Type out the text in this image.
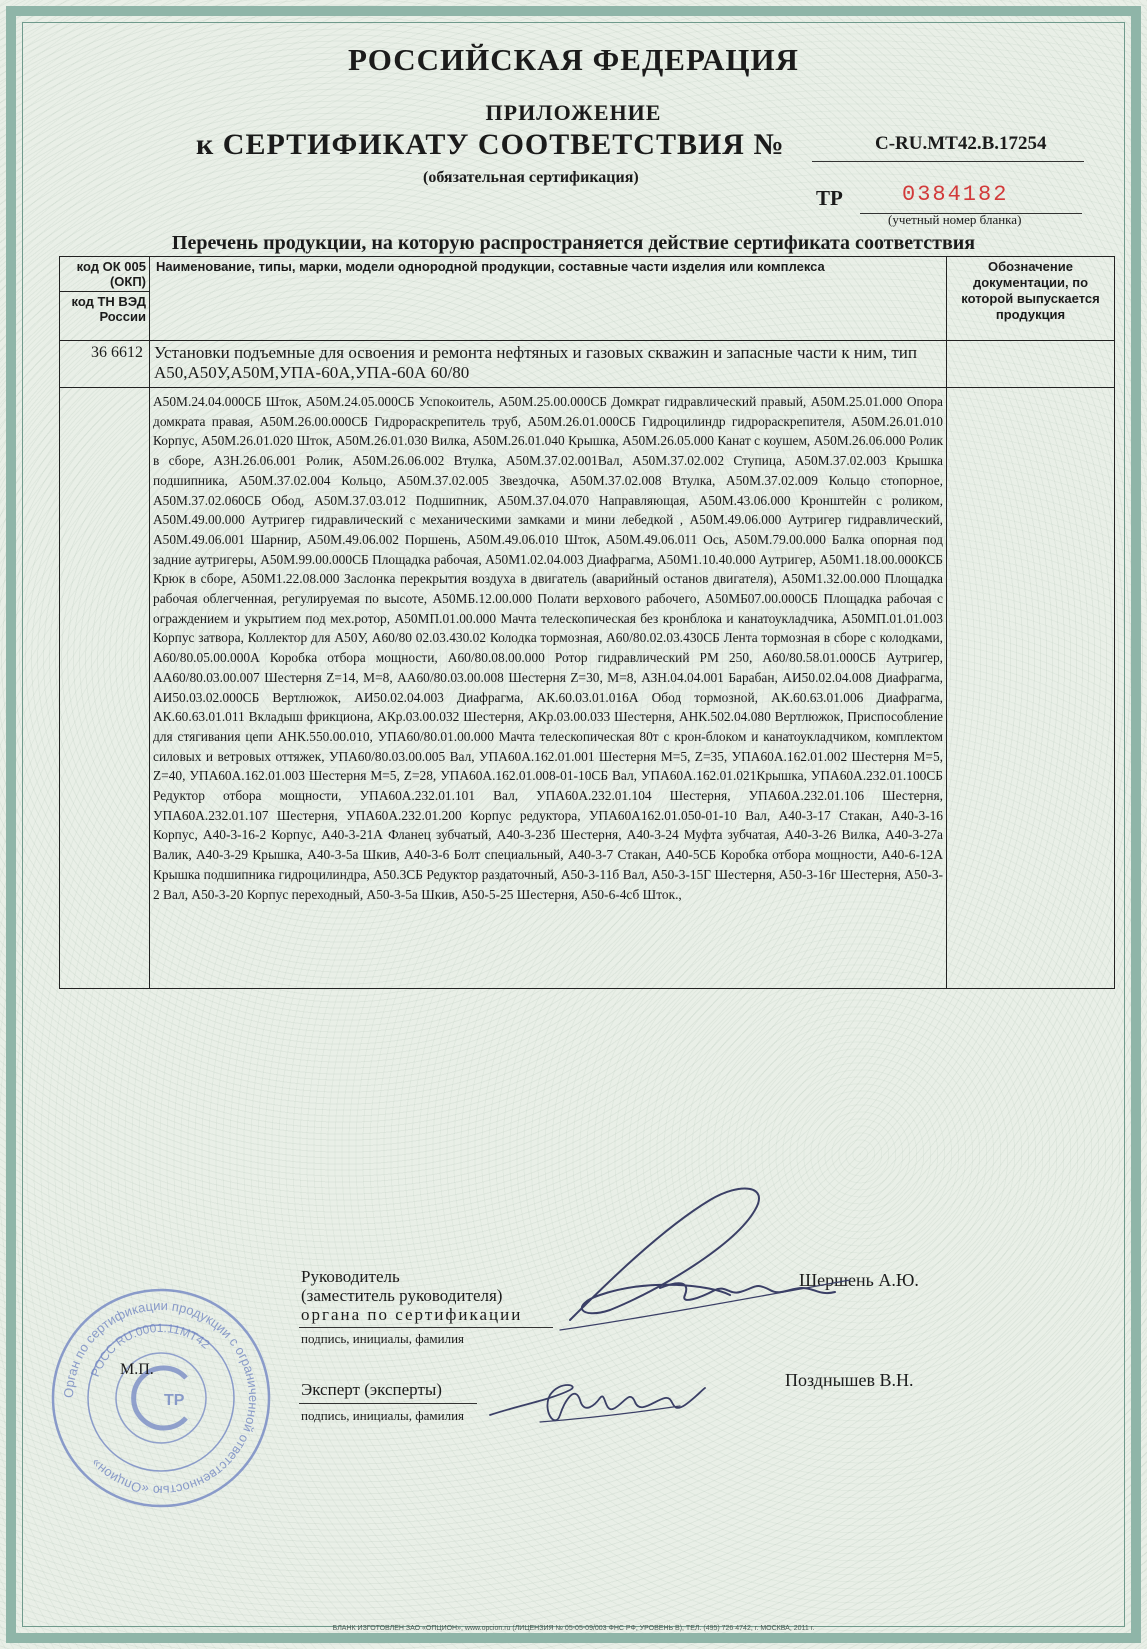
РОССИЙСКАЯ ФЕДЕРАЦИЯ
ПРИЛОЖЕНИЕ
к СЕРТИФИКАТУ СООТВЕТСТВИЯ №	C-RU.МТ42.В.17254
(обязательная сертификация)
ТР	0384182
(учетный номер бланка)
Перечень продукции, на которую распространяется действие сертификата соответствия
код ОК 005 (ОКП)	Наименование, типы, марки, модели однородной продукции, составные части изделия или комплекса	Обозначение документации, по которой выпускается продукция
код ТН ВЭД России		
36 6612	Установки подъемные для освоения и ремонта нефтяных и газовых скважин и запасные части к ним, тип А50,А50У,А50М,УПА-60А,УПА-60А 60/80	
	А50М.24.04.000СБ Шток, А50М.24.05.000СБ Успокоитель, А50М.25.00.000СБ Домкрат гидравлический правый, А50М.25.01.000 Опора домкрата правая, А50М.26.00.000СБ Гидрораскрепитель труб, А50М.26.01.000СБ Гидроцилиндр гидрораскрепителя, А50М.26.01.010 Корпус, А50М.26.01.020 Шток, А50М.26.01.030 Вилка, А50М.26.01.040 Крышка, А50М.26.05.000 Канат с коушем, А50М.26.06.000 Ролик в сборе, А3Н.26.06.001 Ролик, А50М.26.06.002 Втулка, А50М.37.02.001Вал, А50М.37.02.002 Ступица, А50М.37.02.003 Крышка подшипника, А50М.37.02.004 Кольцо, А50М.37.02.005 Звездочка, А50М.37.02.008 Втулка, А50М.37.02.009 Кольцо стопорное, А50М.37.02.060СБ Обод, А50М.37.03.012 Подшипник, А50М.37.04.070 Направляющая, А50М.43.06.000 Кронштейн с роликом, А50М.49.00.000 Аутригер гидравлический с механическими замками и мини лебедкой , А50М.49.06.000 Аутригер гидравлический, А50М.49.06.001 Шарнир, А50М.49.06.002 Поршень, А50М.49.06.010 Шток, А50М.49.06.011 Ось, А50М.79.00.000 Балка опорная под задние аутригеры, А50М.99.00.000СБ Площадка рабочая, А50М1.02.04.003 Диафрагма, А50М1.10.40.000 Аутригер, А50М1.18.00.000КСБ Крюк в сборе, А50М1.22.08.000 Заслонка перекрытия воздуха в двигатель (аварийный останов двигателя), А50М1.32.00.000 Площадка рабочая облегченная, регулируемая по высоте, А50МБ.12.00.000 Полати верхового рабочего, А50МБ07.00.000СБ Площадка рабочая с ограждением и укрытием под мех.ротор, А50МП.01.00.000 Мачта телескопическая без кронблока и канатоукладчика, А50МП.01.01.003 Корпус затвора, Коллектор для А50У, А60/80 02.03.430.02 Колодка тормозная, А60/80.02.03.430СБ Лента тормозная в сборе с колодками, А60/80.05.00.000А Коробка отбора мощности, А60/80.08.00.000 Ротор гидравлический РМ 250, А60/80.58.01.000СБ Аутригер, АА60/80.03.00.007 Шестерня Z=14, M=8, АА60/80.03.00.008 Шестерня Z=30, M=8, АЗН.04.04.001 Барабан, АИ50.02.04.008 Диафрагма, АИ50.03.02.000СБ Вертлюжок, АИ50.02.04.003 Диафрагма, АК.60.03.01.016А Обод тормозной, АК.60.63.01.006 Диафрагма, АК.60.63.01.011 Вкладыш фрикциона, АКр.03.00.032 Шестерня, АКр.03.00.033 Шестерня, АНК.502.04.080 Вертлюжок, Приспособление для стягивания цепи АНК.550.00.010, УПА60/80.01.00.000 Мачта телескопическая 80т с крон-блоком и канатоукладчиком, комплектом силовых и ветровых оттяжек, УПА60/80.03.00.005 Вал, УПА60А.162.01.001 Шестерня M=5, Z=35, УПА60А.162.01.002 Шестерня M=5, Z=40, УПА60А.162.01.003 Шестерня M=5, Z=28, УПА60А.162.01.008-01-10СБ Вал, УПА60А.162.01.021Крышка, УПА60А.232.01.100СБ Редуктор отбора мощности, УПА60А.232.01.101 Вал, УПА60А.232.01.104 Шестерня, УПА60А.232.01.106 Шестерня, УПА60А.232.01.107 Шестерня, УПА60А.232.01.200 Корпус редуктора, УПА60А162.01.050-01-10 Вал, А40-3-17 Стакан, А40-3-16 Корпус, А40-3-16-2 Корпус, А40-3-21А Фланец зубчатый, А40-3-23б Шестерня, А40-3-24 Муфта зубчатая, А40-3-26 Вилка, А40-3-27а Валик, А40-3-29 Крышка, А40-3-5а Шкив, А40-3-6 Болт специальный, А40-3-7 Стакан, А40-5СБ Коробка отбора мощности, А40-6-12А Крышка подшипника гидроцилиндра, А50.3СБ Редуктор раздаточный, А50-3-11б Вал, А50-3-15Г Шестерня, А50-3-16г Шестерня, А50-3-2 Вал, А50-3-20 Корпус переходный, А50-3-5а Шкив, А50-5-25 Шестерня, А50-6-4сб Шток.,	
Орган по сертификации продукции с ограниченной ответственностью «Опцион»
РОСС RU.0001.11МТ42
TP
М.П.
Руководитель
(заместитель руководителя)
органа по сертификации
подпись, инициалы, фамилия
Шершень А.Ю.
Эксперт (эксперты)
подпись, инициалы, фамилия
Позднышев В.Н.
БЛАНК ИЗГОТОВЛЕН ЗАО «ОПЦИОН», www.opcion.ru (ЛИЦЕНЗИЯ № 05-05-09/003 ФНС РФ, УРОВЕНЬ В), ТЕЛ. (495) 726 4742, г. МОСКВА, 2011 г.
